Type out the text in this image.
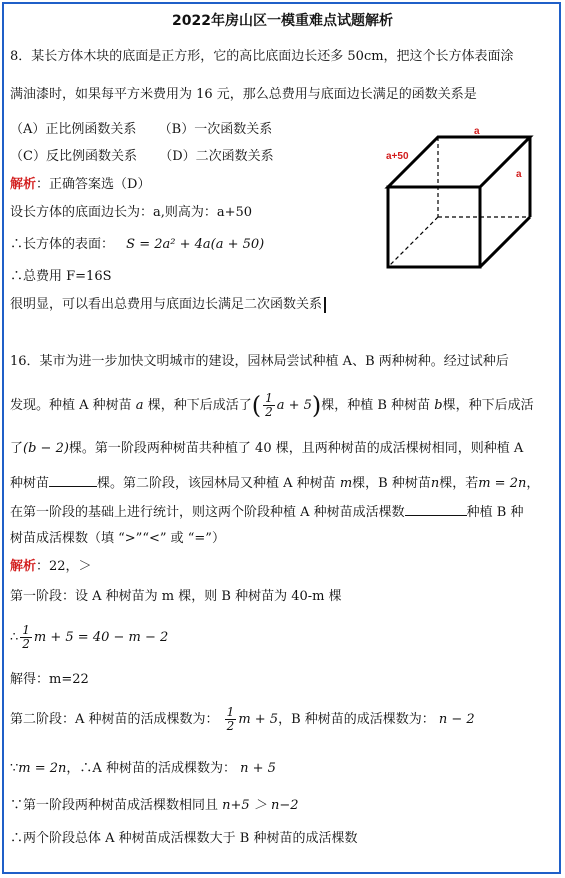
2022年房山区一模重难点试题解析
8．某长方体木块的底面是正方形，它的高比底面边长还多 50cm，把这个长方体表面涂
满油漆时，如果每平方米费用为 16 元，那么总费用与底面边长满足的函数关系是
（A）正比例函数关系 （B）一次函数关系
（C）反比例函数关系 （D）二次函数关系
解析：正确答案选（D）
设长方体的底面边长为：a,则高为：a+50
∴长方体的表面： S = 2a² + 4a(a + 50)
∴总费用 F=16S
很明显，可以看出总费用与底面边长满足二次函数关系
a
a
a+50
16．某市为进一步加快文明城市的建设，园林局尝试种植 A、B 两种树种。经过试种后
发现。种植 A 种树苗 a 棵，种下后成活了( $\frac{1}{2}$ a + 5)棵，种植 B 种树苗 b棵，种下后成活
了(b − 2)棵。第一阶段两种树苗共种植了 40 棵，且两种树苗的成活棵树相同，则种植 A
种树苗	棵。第二阶段，该园林局又种植 A 种树苗 m棵，B 种树苗n棵，若m = 2n，
在第一阶段的基础上进行统计，则这两个阶段种植 A 种树苗成活棵数	种植 B 种
树苗成活棵数（填 “>”“<” 或 “=”）
解析：22，＞
第一阶段：设 A 种树苗为 m 棵，则 B 种树苗为 40-m 棵
∴ $\frac{1}{2}$ m + 5 = 40 − m − 2
解得：m=22
第二阶段：A 种树苗的活成棵数为： $\frac{1}{2}$ m + 5，B 种树苗的成活棵数为： n − 2
∵m = 2n，∴A 种树苗的活成棵数为： n + 5
∵第一阶段两种树苗成活棵数相同且 n+5 ＞ n−2
∴两个阶段总体 A 种树苗成活棵数大于 B 种树苗的成活棵数
